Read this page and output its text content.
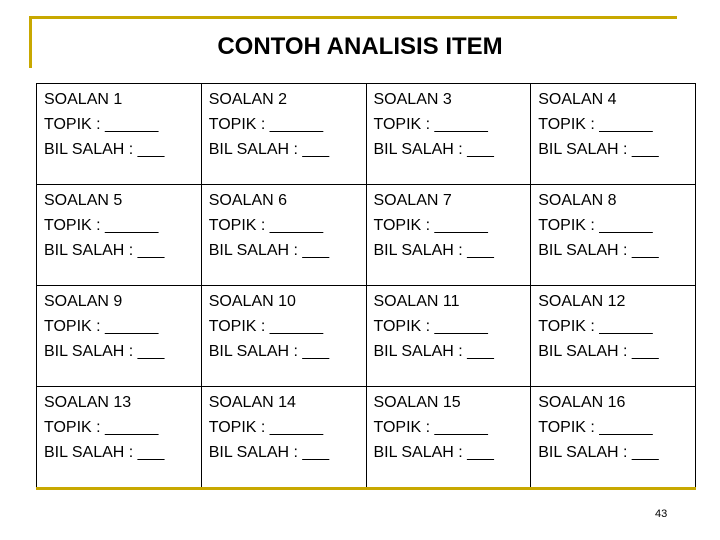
CONTOH ANALISIS ITEM
SOALAN 1
TOPIK : ______
BIL SALAH : ___	SOALAN 2
TOPIK : ______
BIL SALAH : ___	SOALAN 3
TOPIK : ______
BIL SALAH : ___	SOALAN 4
TOPIK : ______
BIL SALAH : ___

SOALAN 5
TOPIK : ______
BIL SALAH : ___	SOALAN 6
TOPIK : ______
BIL SALAH : ___	SOALAN 7
TOPIK : ______
BIL SALAH : ___	SOALAN 8
TOPIK : ______
BIL SALAH : ___

SOALAN 9
TOPIK : ______
BIL SALAH : ___	SOALAN 10
TOPIK : ______
BIL SALAH : ___	SOALAN 11
TOPIK : ______
BIL SALAH : ___	SOALAN 12
TOPIK : ______
BIL SALAH : ___

SOALAN 13
TOPIK : ______
BIL SALAH : ___	SOALAN 14
TOPIK : ______
BIL SALAH : ___	SOALAN 15
TOPIK : ______
BIL SALAH : ___	SOALAN 16
TOPIK : ______
BIL SALAH : ___
43
